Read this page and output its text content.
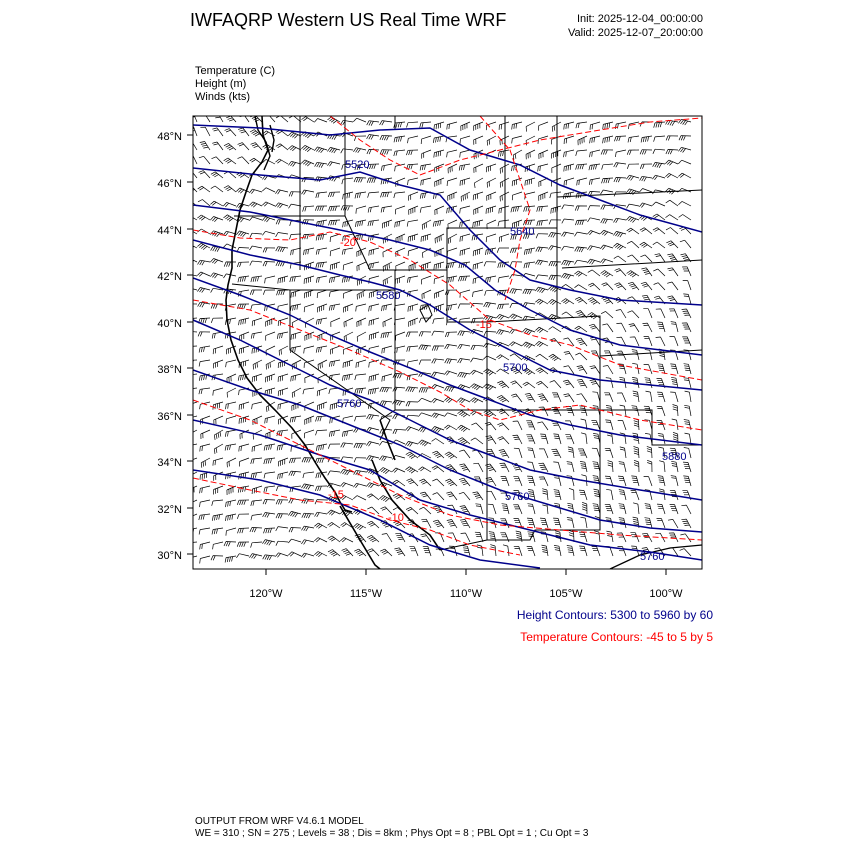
IWFAQRP Western US Real Time WRF	Init: 2025-12-04_00:00:00
Valid: 2025-12-07_20:00:00
Temperature (C)
Height (m)
Winds (kts)
48°N
46°N
44°N
42°N
40°N
38°N
36°N
34°N
32°N
30°N
120°W	115°W	110°W	105°W	100°W
5520
5640
5580
5700
5760
5760
5880
5760
-20
-15
-10
-15
Height Contours: 5300 to 5960 by 60
Temperature Contours: -45 to 5 by 5
OUTPUT FROM WRF V4.6.1 MODEL
WE = 310 ; SN = 275 ; Levels = 38 ; Dis = 8km ; Phys Opt = 8 ; PBL Opt = 1 ; Cu Opt = 3
